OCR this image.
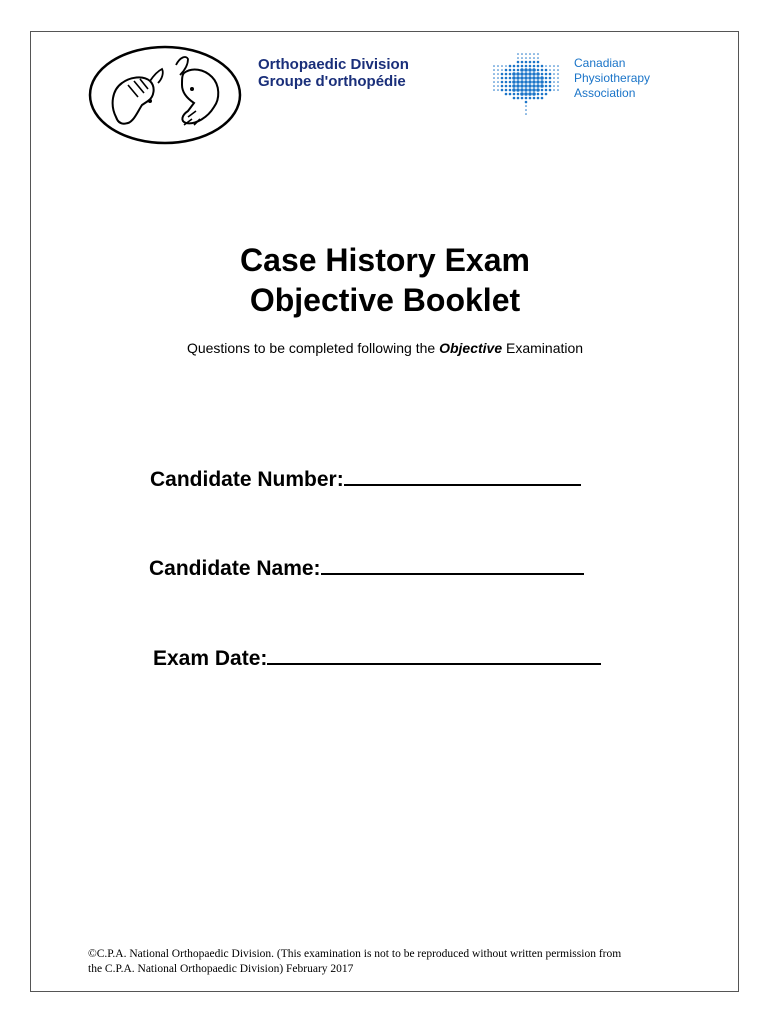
Orthopaedic Division
Groupe d'orthopédie
Canadian
Physiotherapy
Association
Case History Exam
Objective Booklet
Questions to be completed following the Objective Examination
Candidate Number:
Candidate Name:
Exam Date:
©C.P.A. National Orthopaedic Division. (This examination is not to be reproduced without written permission from
the C.P.A. National Orthopaedic Division) February 2017
